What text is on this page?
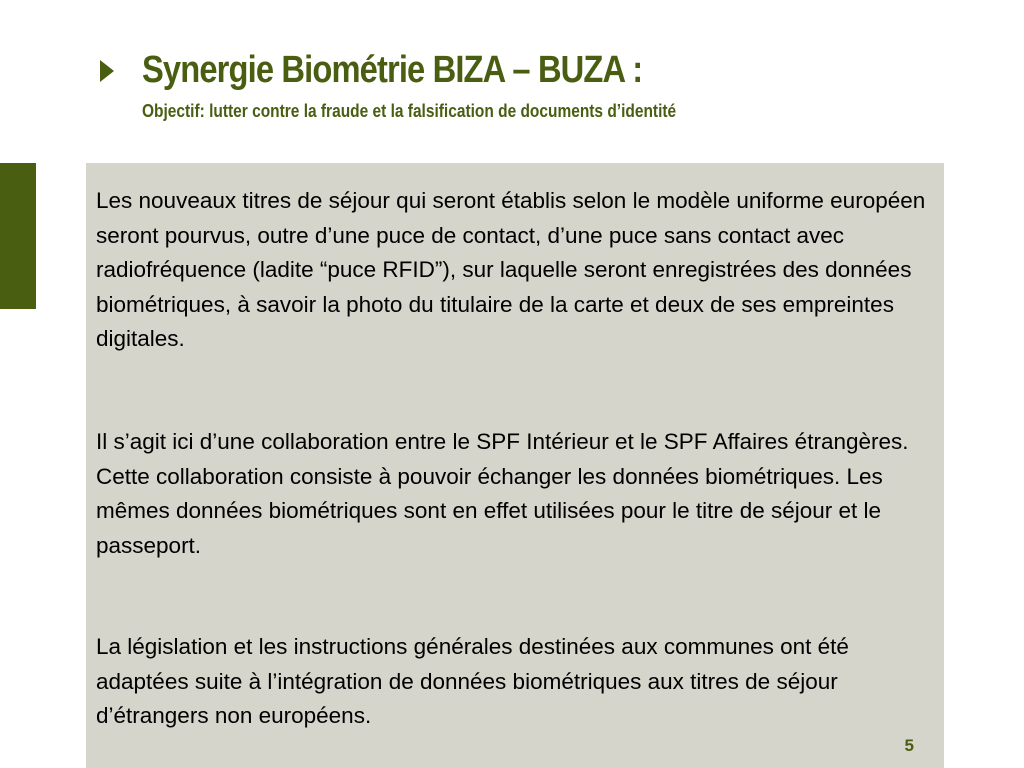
Synergie Biométrie BIZA – BUZA :
Objectif: lutter contre la fraude et la falsification de documents d’identité

Les nouveaux titres de séjour qui seront établis selon le modèle uniforme européen seront pourvus, outre d’une puce de contact, d’une puce sans contact avec radiofréquence (ladite “puce RFID”), sur laquelle seront enregistrées des données biométriques, à savoir la photo du titulaire de la carte et deux de ses empreintes digitales.

Il s’agit ici d’une collaboration entre le SPF Intérieur et le SPF Affaires étrangères. Cette collaboration consiste à pouvoir échanger les données biométriques. Les mêmes données biométriques sont en effet utilisées pour le titre de séjour et le passeport.

La législation et les instructions générales destinées aux communes ont été adaptées suite à l’intégration de données biométriques aux titres de séjour d’étrangers non européens.

5
